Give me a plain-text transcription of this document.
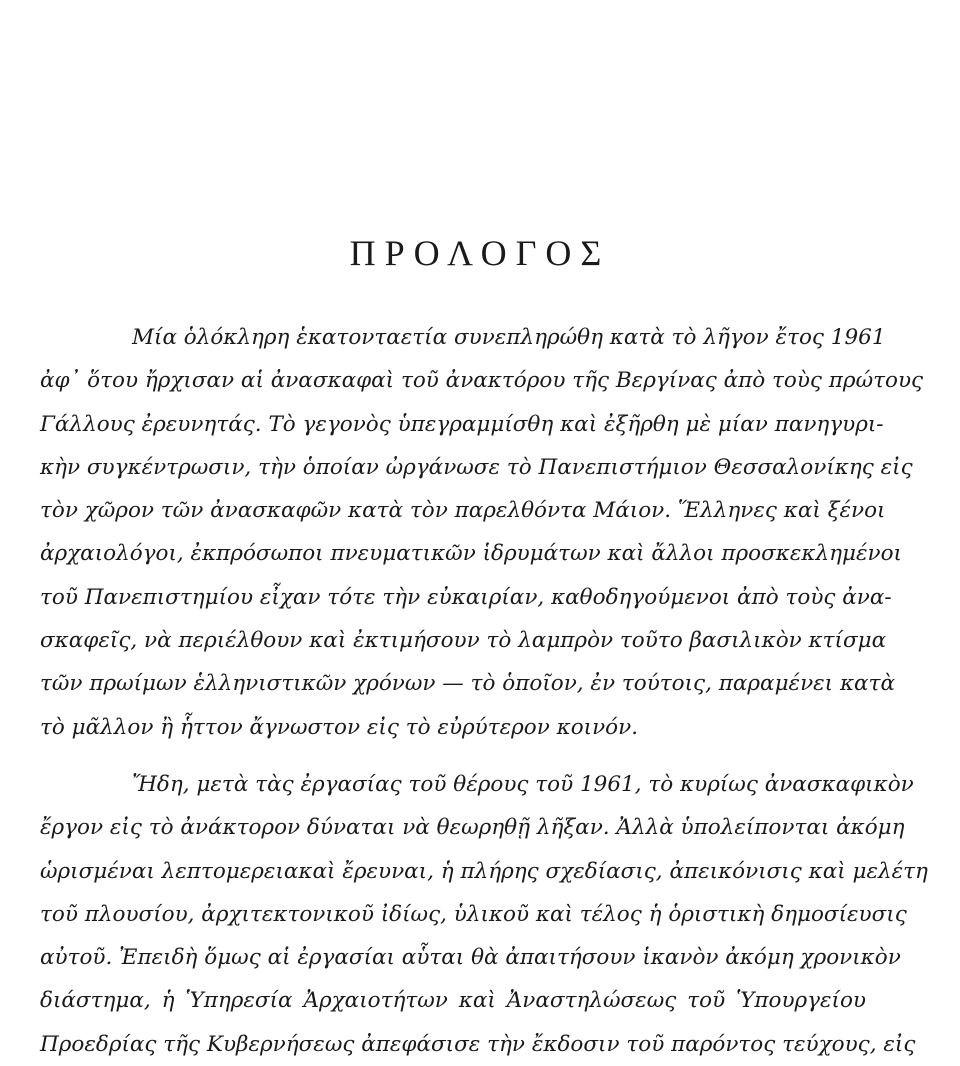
ΠΡΟΛΟΓΟΣ

Μία ὁλόκληρη ἑκατονταετία συνεπληρώθη κατὰ τὸ λῆγον ἔτος 1961
ἀφ᾽ ὅτου ἤρχισαν αἱ ἀνασκαφαὶ τοῦ ἀνακτόρου τῆς Βεργίνας ἀπὸ τοὺς πρώτους
Γάλλους ἐρευνητάς. Τὸ γεγονὸς ὑπεγραμμίσθη καὶ ἐξῆρθη μὲ μίαν πανηγυρι-
κὴν συγκέντρωσιν, τὴν ὁποίαν ὠργάνωσε τὸ Πανεπιστήμιον Θεσσαλονίκης εἰς
τὸν χῶρον τῶν ἀνασκαφῶν κατὰ τὸν παρελθόντα Μάιον. Ἕλληνες καὶ ξένοι
ἀρχαιολόγοι, ἐκπρόσωποι πνευματικῶν ἱδρυμάτων καὶ ἄλλοι προσκεκλημένοι
τοῦ Πανεπιστημίου εἶχαν τότε τὴν εὐκαιρίαν, καθοδηγούμενοι ἀπὸ τοὺς ἀνα-
σκαφεῖς, νὰ περιέλθουν καὶ ἐκτιμήσουν τὸ λαμπρὸν τοῦτο βασιλικὸν κτίσμα
τῶν πρωίμων ἑλληνιστικῶν χρόνων — τὸ ὁποῖον, ἐν τούτοις, παραμένει κατὰ
τὸ μᾶλλον ἢ ἧττον ἄγνωστον εἰς τὸ εὐρύτερον κοινόν.

Ἤδη, μετὰ τὰς ἐργασίας τοῦ θέρους τοῦ 1961, τὸ κυρίως ἀνασκαφικὸν
ἔργον εἰς τὸ ἀνάκτορον δύναται νὰ θεωρηθῇ λῆξαν. Ἀλλὰ ὑπολείπονται ἀκόμη
ὡρισμέναι λεπτομερειακαὶ ἔρευναι, ἡ πλήρης σχεδίασις, ἀπεικόνισις καὶ μελέτη
τοῦ πλουσίου, ἀρχιτεκτονικοῦ ἰδίως, ὑλικοῦ καὶ τέλος ἡ ὁριστικὴ δημοσίευσις
αὐτοῦ. Ἐπειδὴ ὅμως αἱ ἐργασίαι αὗται θὰ ἀπαιτήσουν ἱκανὸν ἀκόμη χρονικὸν
διάστημα, ἡ Ὑπηρεσία Ἀρχαιοτήτων καὶ Ἀναστηλώσεως τοῦ Ὑπουργείου
Προεδρίας τῆς Κυβερνήσεως ἀπεφάσισε τὴν ἔκδοσιν τοῦ παρόντος τεύχους, εἰς
